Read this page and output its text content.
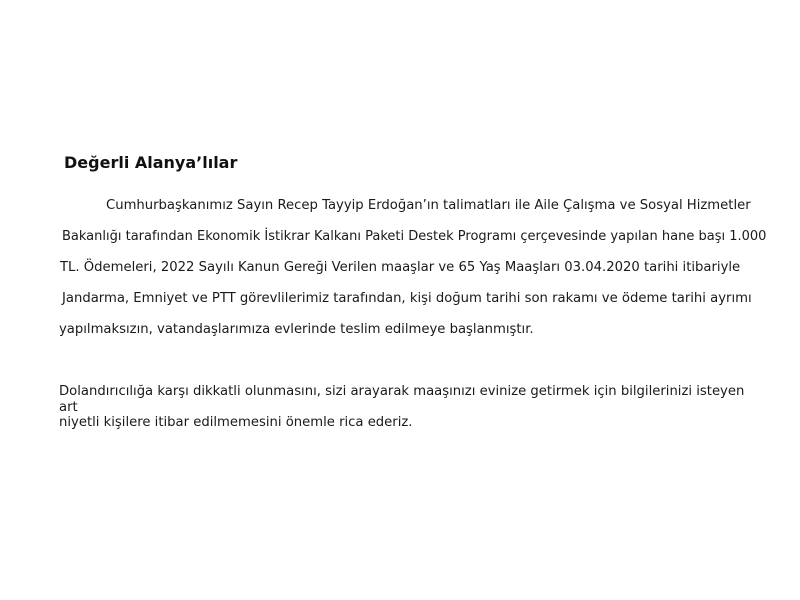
Değerli Alanya’lılar
Cumhurbaşkanımız Sayın Recep Tayyip Erdoğan’ın talimatları ile Aile Çalışma ve Sosyal Hizmetler
Bakanlığı tarafından Ekonomik İstikrar Kalkanı Paketi Destek Programı çerçevesinde yapılan hane başı 1.000
TL. Ödemeleri, 2022 Sayılı Kanun Gereği Verilen maaşlar ve 65 Yaş Maaşları 03.04.2020 tarihi itibariyle
Jandarma, Emniyet ve PTT görevlilerimiz tarafından, kişi doğum tarihi son rakamı ve ödeme tarihi ayrımı
yapılmaksızın, vatandaşlarımıza evlerinde teslim edilmeye başlanmıştır.
Dolandırıcılığa karşı dikkatli olunmasını, sizi arayarak maaşınızı evinize getirmek için bilgilerinizi isteyen art
niyetli kişilere itibar edilmemesini önemle rica ederiz.
